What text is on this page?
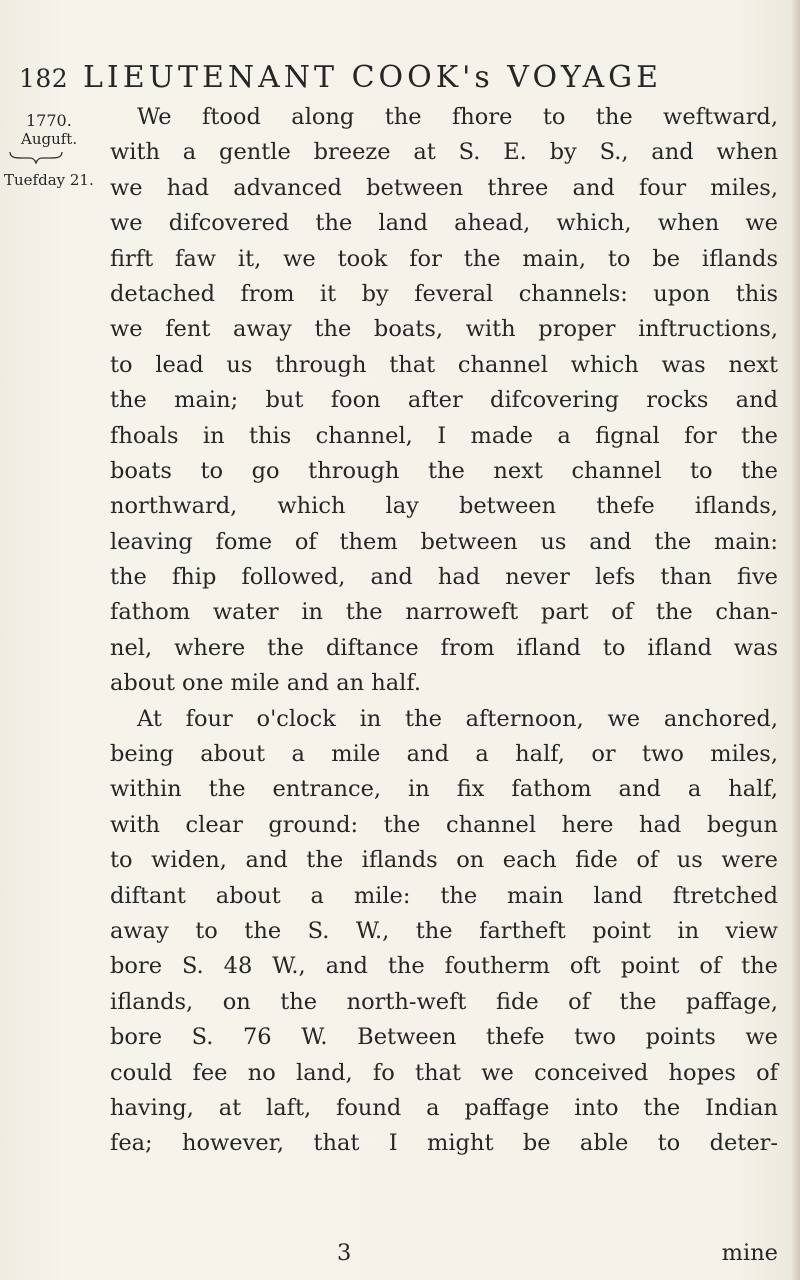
182 LIEUTENANT COOK's VOYAGE
1770.
Auguft.
Tuefday 21.
We ftood along the fhore to the weftward,
with a gentle breeze at S. E. by S., and when
we had advanced between three and four miles,
we difcovered the land ahead, which, when we
firft faw it, we took for the main, to be iflands
detached from it by feveral channels: upon this
we fent away the boats, with proper inftructions,
to lead us through that channel which was next
the main; but foon after difcovering rocks and
fhoals in this channel, I made a fignal for the
boats to go through the next channel to the
northward, which lay between thefe iflands,
leaving fome of them between us and the main:
the fhip followed, and had never lefs than five
fathom water in the narroweft part of the chan-
nel, where the diftance from ifland to ifland was
about one mile and an half.
At four o'clock in the afternoon, we anchored,
being about a mile and a half, or two miles,
within the entrance, in fix fathom and a half,
with clear ground: the channel here had begun
to widen, and the iflands on each fide of us were
diftant about a mile: the main land ftretched
away to the S. W., the fartheft point in view
bore S. 48 W., and the foutherm oft point of the
iflands, on the north-weft fide of the paffage,
bore S. 76 W. Between thefe two points we
could fee no land, fo that we conceived hopes of
having, at laft, found a paffage into the Indian
fea; however, that I might be able to deter-
3	mine
